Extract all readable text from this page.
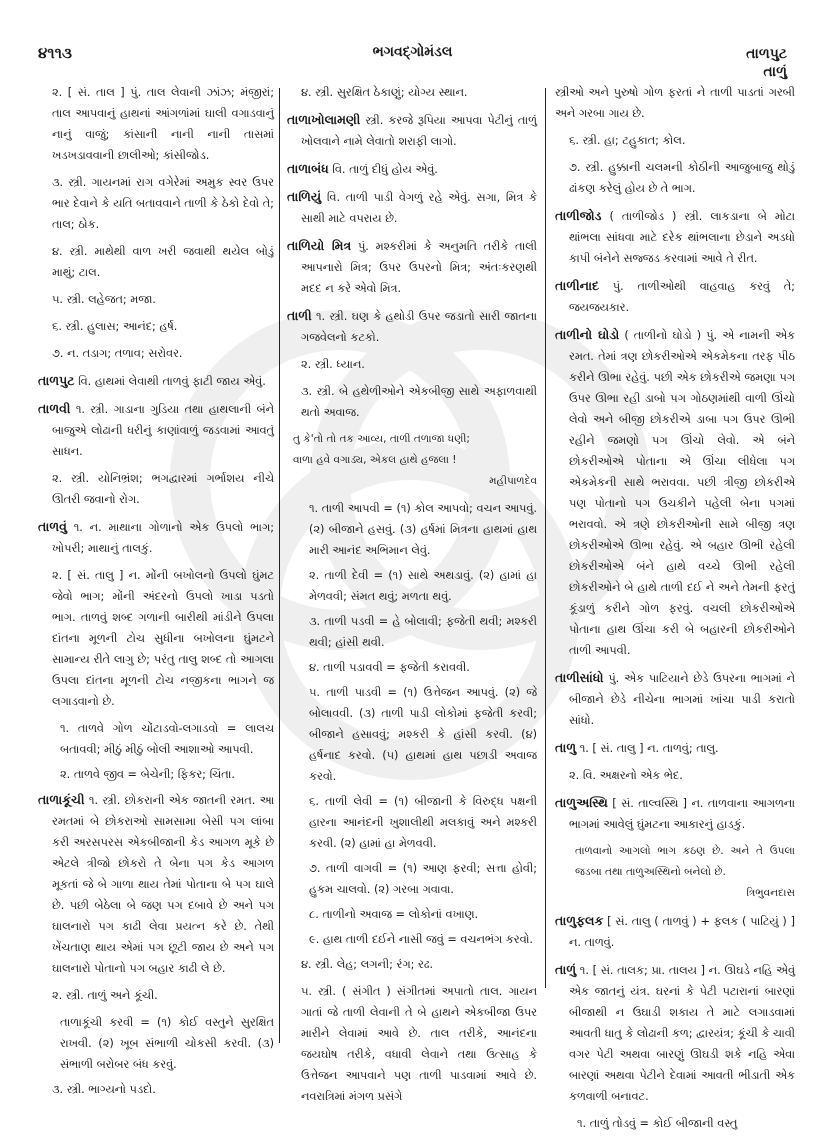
૪૧૧૩	ભગવદ્ગોમંડલ	તાળપુટ
તાળું
૨. [ સં. તાલ ] પું. તાલ લેવાની ઝાંઝ; મંજીરાં; તાલ આપવાનું હાથનાં આંગળાંમાં ઘાલી વગાડવાનું નાનું વાજું; કાંસાની નાની નાની તાસમાં ખડખડાવવાની છાલીઓ; કાંસીજોડ.
૩. સ્ત્રી. ગાયનમાં રાગ વગેરેમાં અમુક સ્વર ઉપર ભાર દેવાને કે યતિ બતાવવાને તાળી કે ઠેકો દેવો તે; તાલ; ઠોક.
૪. સ્ત્રી. માથેથી વાળ ખરી જવાથી થયેલ બોડું માથું; ટાલ.
૫. સ્ત્રી. લહેજત; મજા.
૬. સ્ત્રી. હુલાસ; આનંદ; હર્ષ.
૭. ન. તડાગ; તળાવ; સરોવર.
તાળપુટ વિ. હાથમાં લેવાથી તાળવું ફાટી જાય એવું.
તાળવી ૧. સ્ત્રી. ગાડાના ગુડિયા તથા હાથલાની બંને બાજુએ લોઢાની ધરીનું કાણાંવાળું જડવામાં આવતું સાધન.
૨. સ્ત્રી. યોનિભ્રંશ; ભગદ્વારમાં ગર્ભાશય નીચે ઊતરી જવાનો રોગ.
તાળવું ૧. ન. માથાના ગોળાનો એક ઉપલો ભાગ; ખોપરી; માથાનું તાલકું.
૨. [ સં. તાલુ ] ન. મોંની બખોલનો ઉપલો ઘુંમટ જેવો ભાગ; મોંની અંદરનો ઉપલો ખાડા પડતો ભાગ. તાળવું શબ્દ ગળાની બારીથી માંડીને ઉપલા દાંતના મૂળની ટોચ સુધીના બખોલના ઘુંમટને સામાન્ય રીતે લાગુ છે; પરંતુ તાલુ શબ્દ તો આગલા ઉપલા દાંતના મૂળની ટોચ નજીકના ભાગને જ લગાડવાનો છે.
૧. તાળવે ગોળ ચોંટાડવો-લગાડવો = લાલચ બતાવવી; મીઠું મીઠું બોલી આશાઓ આપવી.
૨. તાળવે જીવ = બેચેની; ફિકર; ચિંતા.
તાળાકૂંચી ૧. સ્ત્રી. છોકરાની એક જાતની રમત. આ રમતમાં બે છોકરાઓ સામસામા બેસી પગ લાંબા કરી અરસપરસ એકબીજાની કેડ આગળ મૂકે છે એટલે ત્રીજો છોકરો તે બેના પગ કેડ આગળ મૂકતાં જે બે ગાળા થાય તેમાં પોતાના બે પગ ઘાલે છે. પછી બેઠેલા બે જણ પગ દબાવે છે અને પગ ઘાલનારો પગ કાઢી લેવા પ્રયત્ન કરે છે. તેથી ખેંચતાણ થાય એમાં પગ છૂટી જાય છે અને પગ ઘાલનારો પોતાનો પગ બહાર કાઢી લે છે.
૨. સ્ત્રી. તાળું અને કૂંચી.
તાળાકૂંચી કરવી = (૧) કોઈ વસ્તુને સુરક્ષિત રાખવી. (૨) ખૂબ સંભાળી ચોકસી કરવી. (૩) સંભાળી બરોબર બંધ કરવું.
૩. સ્ત્રી. ભાગ્યનો પડદો.
૪. સ્ત્રી. સુરક્ષિત ઠેકાણું; યોગ્ય સ્થાન.
તાળાખોલામણી સ્ત્રી. કરજે રૂપિયા આપવા પેટીનું તાળું ખોલવાને નામે લેવાતો શરાફી લાગો.
તાળાબંધ વિ. તાળું દીધું હોય એવું.
તાળિયું વિ. તાળી પાડી વેગળું રહે એવું. સગા, મિત્ર કે સાથી માટે વપરાય છે.
તાળિયો મિત્ર પું. મશ્કરીમાં કે અનુમતિ તરીકે તાલી આપનારો મિત્ર; ઉપર ઉપરનો મિત્ર; અંતઃકરણથી મદદ ન કરે એવો મિત્ર.
તાળી ૧. સ્ત્રી. ઘણ કે હથોડી ઉપર જડાતો સારી જાતના ગજવેલનો કટકો.
૨. સ્ત્રી. ધ્યાન.
૩. સ્ત્રી. બે હથેળીઓને એકબીજી સાથે અફાળવાથી થતો અવાજ.
તુ કે'તો તો તક આવ્ય, તાળી તળાજા ધણી;
વાળા હવે વગાડ્ય, એકલ હાથે હજલા !
મહીપાળદેવ
૧. તાળી આપવી = (૧) કોલ આપવો; વચન આપવું. (૨) બીજાને હસવું. (૩) હર્ષમાં મિત્રના હાથમાં હાથ મારી આનંદ અભિમાન લેવું.
૨. તાળી દેવી = (૧) સાથે અથડાવું. (૨) હામાં હા મેળવવી; સંમત થવું; મળતા થવું.
૩. તાળી પડવી = હે બોલાવી; ફજેતી થવી; મશ્કરી થવી; હાંસી થવી.
૪. તાળી પડાવવી = ફજેતી કરાવવી.
૫. તાળી પાડવી = (૧) ઉત્તેજન આપવું. (૨) જે બોલાવવી. (૩) તાળી પાડી લોકોમાં ફજેતી કરવી; બીજાને હસાવવું; મશ્કરી કે હાંસી કરવી. (૪) હર્ષનાદ કરવો. (૫) હાથમાં હાથ પછાડી અવાજ કરવો.
૬. તાળી લેવી = (૧) બીજાની કે વિરુદ્ધ પક્ષની હારના આનંદની ખુશાલીથી મલકાવું અને મશ્કરી કરવી. (૨) હામાં હા મેળવવી.
૭. તાળી વાગવી = (૧) આણ ફરવી; સત્તા હોવી; હુકમ ચાલવો. (૨) ગરબા ગવાવા.
૮. તાળીનો અવાજ = લોકોનાં વખાણ.
૯. હાથ તાળી દઈને નાસી જવું = વચનભંગ કરવો.
૪. સ્ત્રી. લેહ; લગની; રંગ; રઢ.
૫. સ્ત્રી. ( સંગીત ) સંગીતમાં અપાતો તાલ. ગાયન ગાતાં જે તાળી લેવાની તે બે હાથને એકબીજા ઉપર મારીને લેવામાં આવે છે. તાલ તરીકે, આનંદના જયઘોષ તરીકે, વધાવી લેવાને તથા ઉત્સાહ કે ઉત્તેજન આપવાને પણ તાળી પાડવામાં આવે છે. નવરાત્રિમાં મંગળ પ્રસંગે
સ્ત્રીઓ અને પુરુષો ગોળ ફરતાં ને તાળી પાડતાં ગરબી અને ગરબા ગાય છે.
૬. સ્ત્રી. હા; ટહુકાત; કોલ.
૭. સ્ત્રી. હુક્કાની ચલમની કોઠીની આજુબાજુ થોડું ઢાંકણ કરેલું હોય છે તે ભાગ.
તાળીજોડ ( તાળીજોડ ) સ્ત્રી. લાકડાના બે મોટા થાંભલા સાંધવા માટે દરેક થાંભલાના છેડાને અડધો કાપી બંનેને સજ્જડ કરવામાં આવે તે રીત.
તાળીનાદ પું. તાળીઓથી વાહવાહ કરવું તે; જયજયકાર.
તાળીનો ઘોડો ( તાળીનો ઘોડો ) પું. એ નામની એક રમત. તેમાં ત્રણ છોકરીઓએ એકમેકના તરફ પીઠ કરીને ઊભા રહેવું. પછી એક છોકરીએ જમણા પગ ઉપર ઊભા રહી ડાબો પગ ગોઠણમાંથી વાળી ઊંચો લેવો અને બીજી છોકરીએ ડાબા પગ ઉપર ઊભી રહીને જમણો પગ ઊંચો લેવો. એ બંને છોકરીઓએ પોતાના એ ઊંચા લીધેલા પગ એકમેકની સાથે ભરાવવા. પછી ત્રીજી છોકરીએ પણ પોતાનો પગ ઉચકીને પહેલી બેના પગમાં ભરાવવો. એ ત્રણે છોકરીઓની સામે બીજી ત્રણ છોકરીઓએ ઊભા રહેવું. એ બહાર ઊભી રહેલી છોકરીઓએ બંને હાથે વચ્ચે ઊભી રહેલી છોકરીઓને બે હાથે તાળી દઈ ને અને તેમની ફરતું કૂંડાળું કરીને ગોળ ફરવું. વચલી છોકરીઓએ પોતાના હાથ ઊંચા કરી બે બહારની છોકરીઓને તાળી આપવી.
તાળીસાંધો પું. એક પાટિયાને છેડે ઉપરના ભાગમાં ને બીજાને છેડે નીચેના ભાગમાં ખાંચા પાડી કરાતો સાંધો.
તાળુ ૧. [ સં. તાલુ ] ન. તાળવું; તાલુ.
૨. વિ. અક્ષરનો એક ભેદ.
તાળુઅસ્થિ [ સં. તાલ્વસ્થિ ] ન. તાળવાના આગળના ભાગમાં આવેલું ઘુંમટના આકારનું હાડકું.
તાળવાનો આગલો ભાગ કઠણ છે. અને તે ઉપલા જડબા તથા તાળુઅસ્થિનો બનેલો છે.
ત્રિભુવનદાસ
તાળુફલક [ સં. તાલુ ( તાળવું ) + ફલક ( પાટિયું ) ] ન. તાળવું.
તાળું ૧. [ સં. તાલક; પ્રા. તાલય ] ન. ઊઘડે નહિ એવું એક જાતનું યંત્ર. ઘરનાં કે પેટી પટારાનાં બારણાં બીજાથી ન ઉઘાડી શકાય તે માટે લગાડવામાં આવતી ધાતુ કે લોઢાની કળ; દ્વારયંત્ર; કૂંચી કે ચાવી વગર પેટી અથવા બારણું ઊઘડી શકે નહિ એવા બારણાં અથવા પેટીને દેવામાં આવતી ભીડાતી એક કળવાળી બનાવટ.
૧. તાળું તોડવું = કોઈ બીજાની વસ્તુ
